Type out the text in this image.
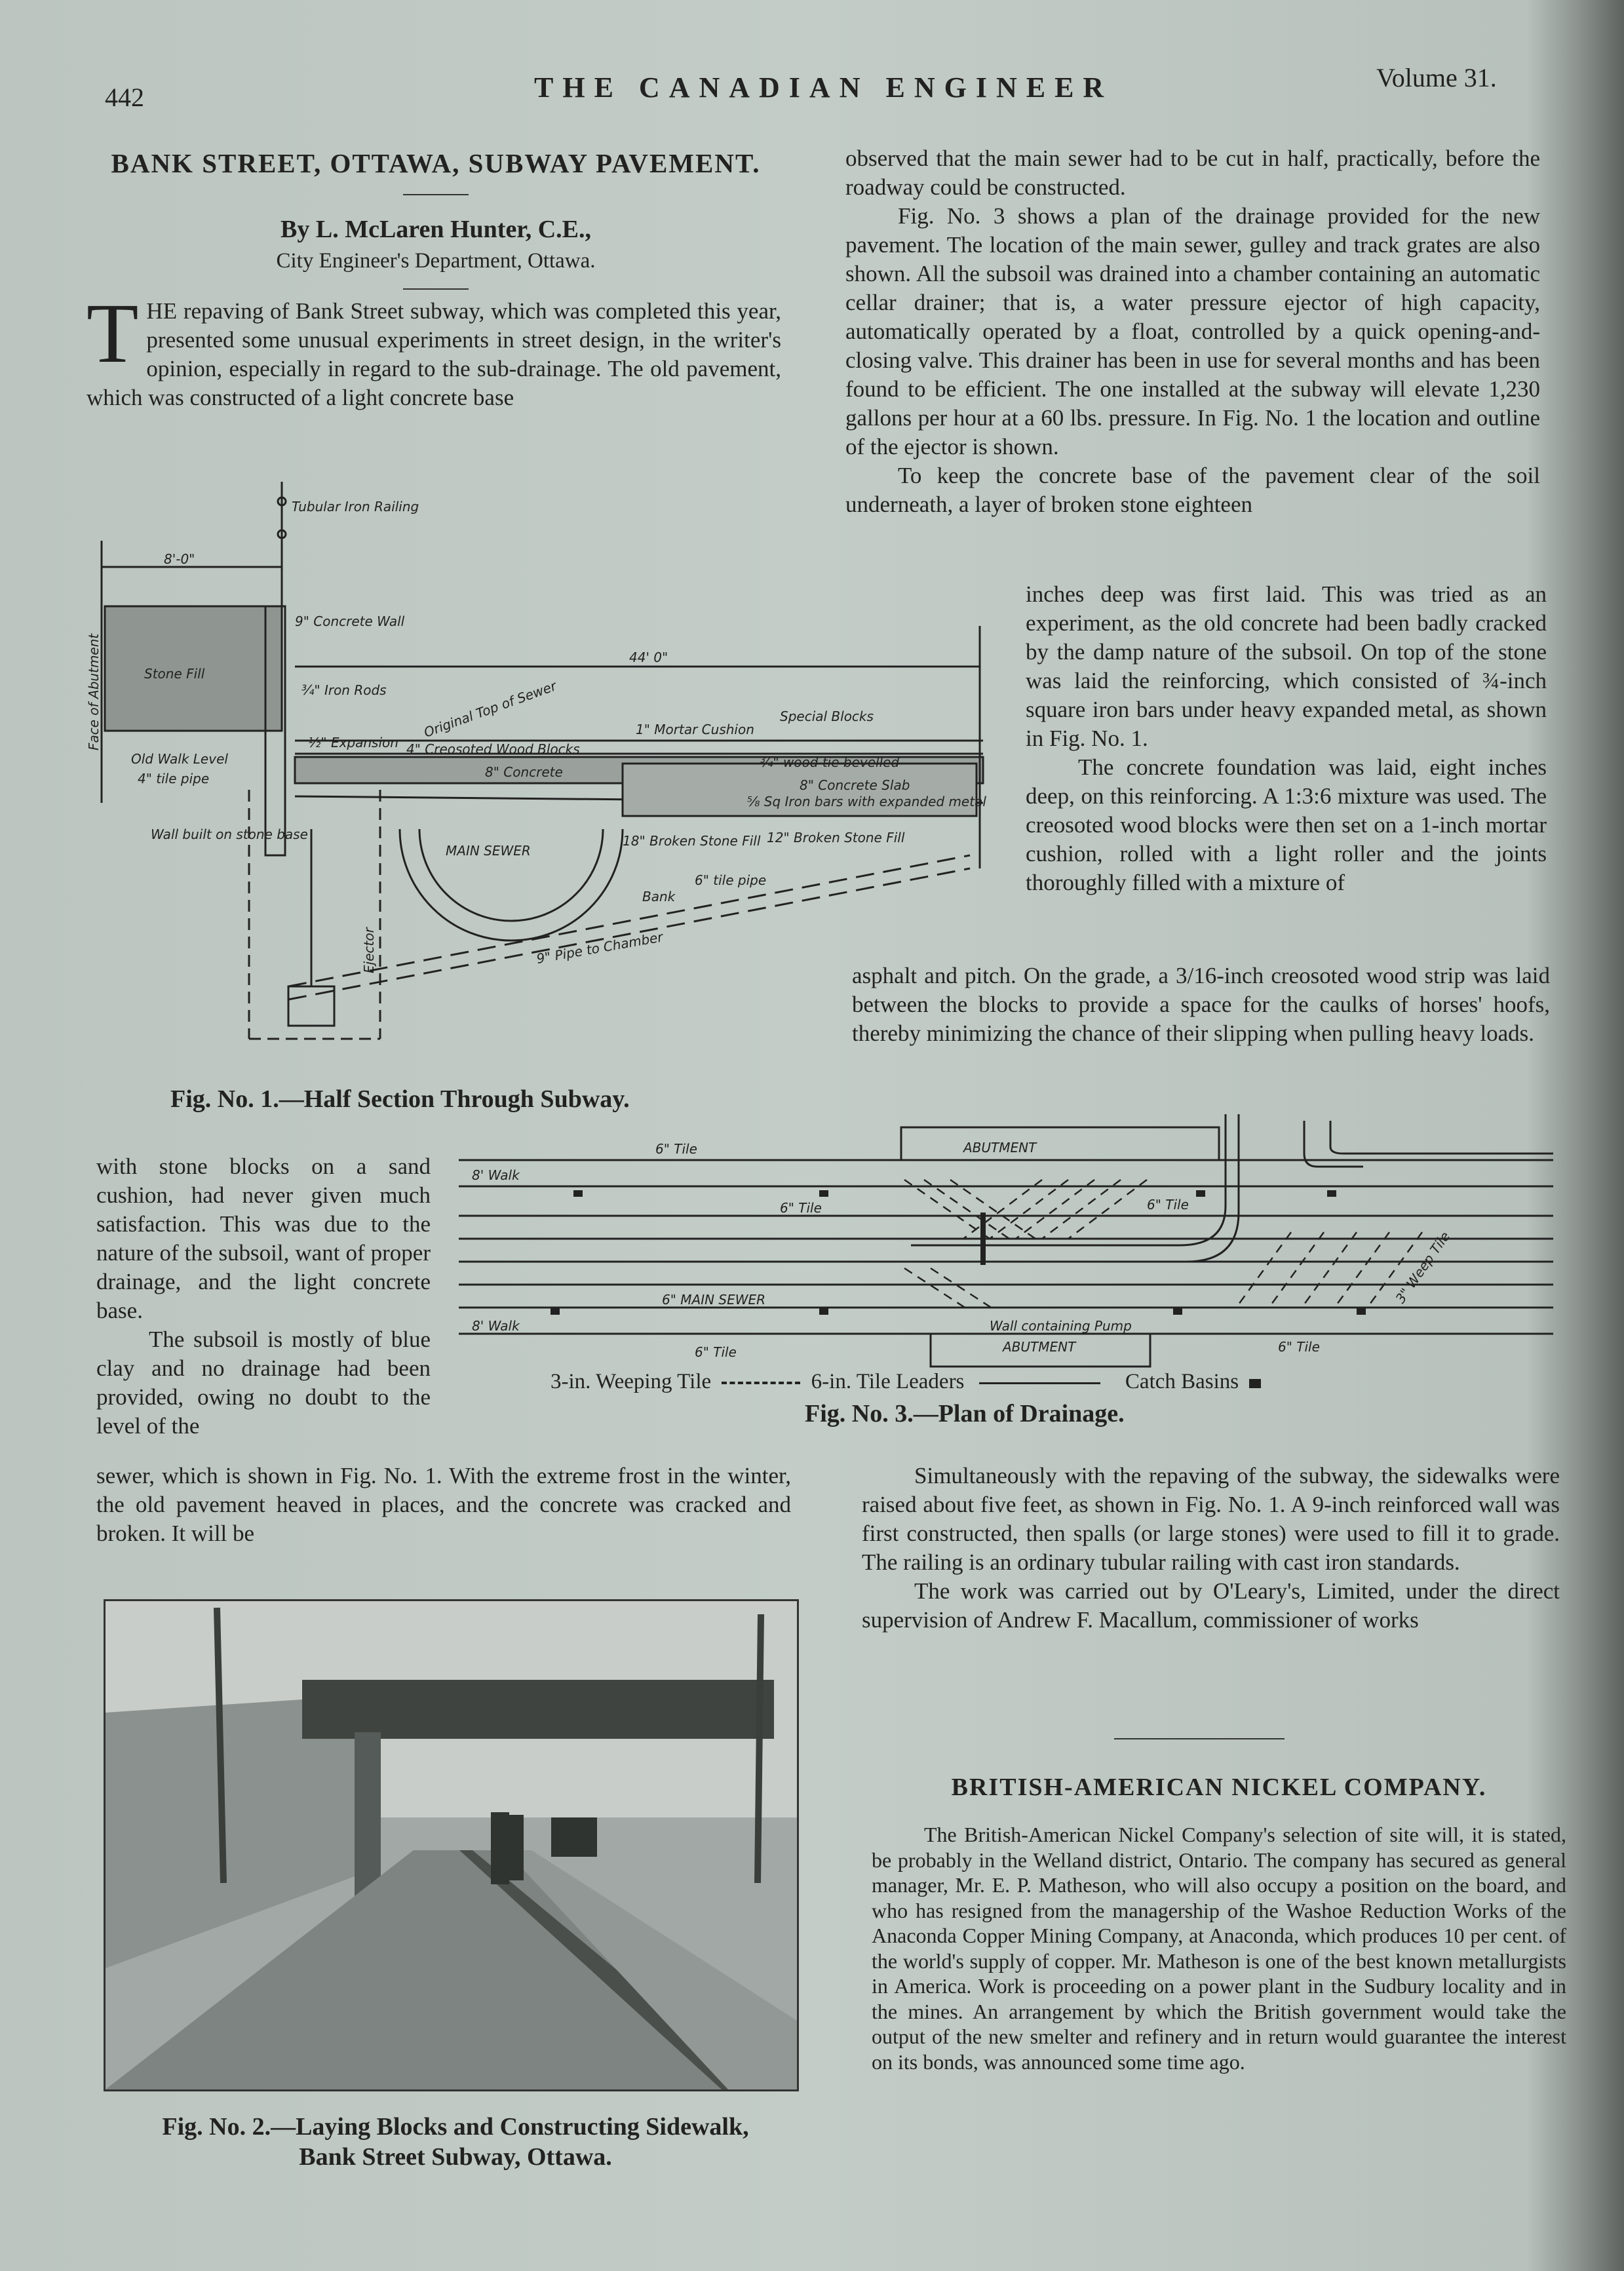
442	THE CANADIAN ENGINEER	Volume 31.
BANK STREET, OTTAWA, SUBWAY PAVEMENT.
By L. McLaren Hunter, C.E.,
City Engineer's Department, Ottawa.
THE repaving of Bank Street subway, which was completed this year, presented some unusual experiments in street design, in the writer's opinion, especially in regard to the sub-drainage. The old pavement, which was constructed of a light concrete base
Tubular Iron Railing
8'-0"
9" Concrete Wall
Face of Abutment	Stone Fill
44' 0"
¾" Iron Rods	Original Top of Sewer	1" Mortar Cushion
Special Blocks
½" Expansion 4" Creosoted Wood Blocks
Old Walk Level
4" tile pipe	8" Concrete
¾" wood tie bevelled
8" Concrete Slab
⅝ Sq Iron bars with expanded metal
Wall built on stone base
MAIN SEWER
18" Broken Stone Fill 12" Broken Stone Fill
6" tile pipe
9" Pipe to Chamber
Bank
Ejector
Fig. No. 1.—Half Section Through Subway.

observed that the main sewer had to be cut in half, practically, before the roadway could be constructed.

Fig. No. 3 shows a plan of the drainage provided for the new pavement. The location of the main sewer, gulley and track grates are also shown. All the subsoil was drained into a chamber containing an automatic cellar drainer; that is, a water pressure ejector of high capacity, automatically operated by a float, controlled by a quick opening-and-closing valve. This drainer has been in use for several months and has been found to be efficient. The one installed at the subway will elevate 1,230 gallons per hour at a 60 lbs. pressure. In Fig. No. 1 the location and outline of the ejector is shown.

To keep the concrete base of the pavement clear of the soil underneath, a layer of broken stone eighteen

inches deep was first laid. This was tried as an experiment, as the old concrete had been badly cracked by the damp nature of the subsoil. On top of the stone was laid the reinforcing, which consisted of ¾-inch square iron bars under heavy expanded metal, as shown in Fig. No. 1.

The concrete foundation was laid, eight inches deep, on this reinforcing. A 1:3:6 mixture was used. The creosoted wood blocks were then set on a 1-inch mortar cushion, rolled with a light roller and the joints thoroughly filled with a mixture of

asphalt and pitch. On the grade, a 3/16-inch creosoted wood strip was laid between the blocks to provide a space for the caulks of horses' hoofs, thereby minimizing the chance of their slipping when pulling heavy loads.

with stone blocks on a sand cushion, had never given much satisfaction. This was due to the nature of the subsoil, want of proper drainage, and the light concrete base.

The subsoil is mostly of blue clay and no drainage had been provided, owing no doubt to the level of the

sewer, which is shown in Fig. No. 1. With the extreme frost in the winter, the old pavement heaved in places, and the concrete was cracked and broken. It will be

6" Tile	ABUTMENT
8' Walk
6" Tile	6" Tile
6" MAIN SEWER
8' Walk
6" Tile	ABUTMENT
Wall containing Pump
6" Tile
3" Weep Tile
3-in. Weeping Tile	6-in. Tile Leaders	Catch Basins
Fig. No. 3.—Plan of Drainage.
Fig. No. 2.—Laying Blocks and Constructing Sidewalk,
Bank Street Subway, Ottawa.

Simultaneously with the repaving of the subway, the sidewalks were raised about five feet, as shown in Fig. No. 1. A 9-inch reinforced wall was first constructed, then spalls (or large stones) were used to fill it to grade. The railing is an ordinary tubular railing with cast iron standards.

The work was carried out by O'Leary's, Limited, under the direct supervision of Andrew F. Macallum, commissioner of works

BRITISH-AMERICAN NICKEL COMPANY.

The British-American Nickel Company's selection of site will, it is stated, be probably in the Welland district, Ontario. The company has secured as general manager, Mr. E. P. Matheson, who will also occupy a position on the board, and who has resigned from the managership of the Washoe Reduction Works of the Anaconda Copper Mining Company, at Anaconda, which produces 10 per cent. of the world's supply of copper. Mr. Matheson is one of the best known metallurgists in America. Work is proceeding on a power plant in the Sudbury locality and in the mines. An arrangement by which the British government would take the output of the new smelter and refinery and in return would guarantee the interest on its bonds, was announced some time ago.
